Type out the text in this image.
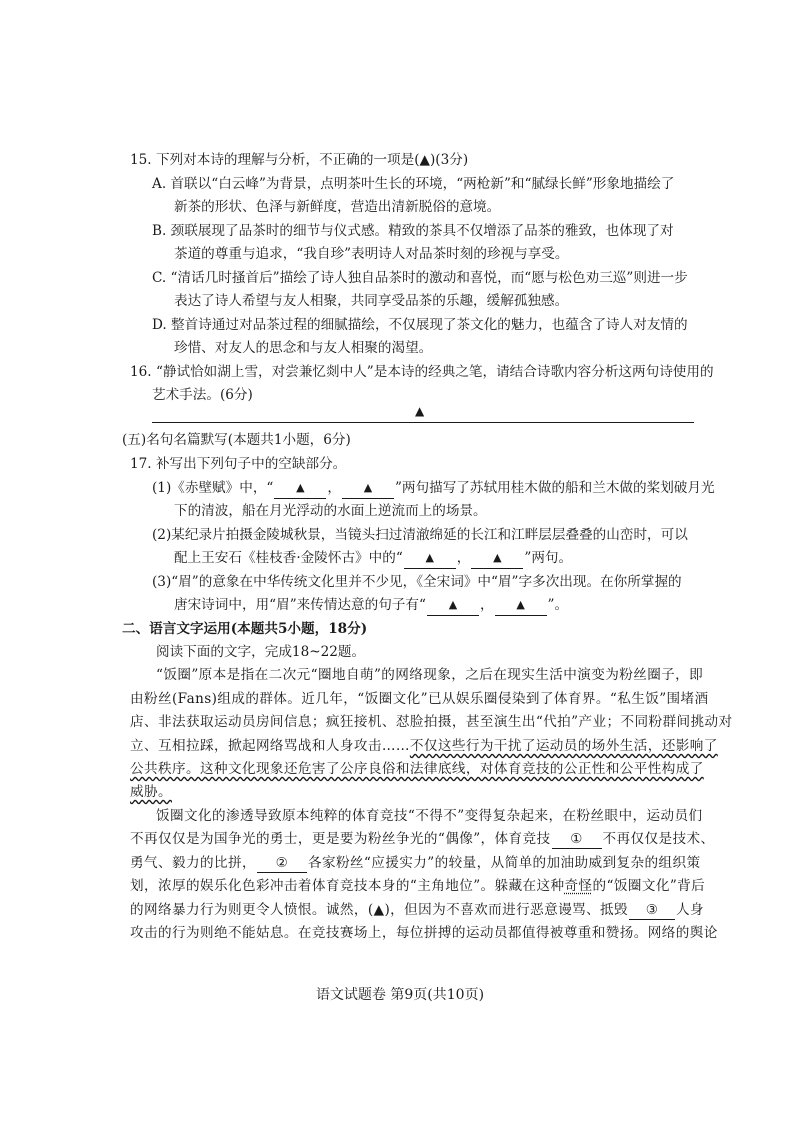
15. 下列对本诗的理解与分析，不正确的一项是(▲)(3分)
A. 首联以“白云峰”为背景，点明茶叶生长的环境，“两枪新”和“腻绿长鲜”形象地描绘了
新茶的形状、色泽与新鲜度，营造出清新脱俗的意境。
B. 颈联展现了品茶时的细节与仪式感。精致的茶具不仅增添了品茶的雅致，也体现了对
茶道的尊重与追求，“我自珍”表明诗人对品茶时刻的珍视与享受。
C. “清话几时搔首后”描绘了诗人独自品茶时的激动和喜悦，而“愿与松色劝三巡”则进一步
表达了诗人希望与友人相聚，共同享受品茶的乐趣，缓解孤独感。
D. 整首诗通过对品茶过程的细腻描绘，不仅展现了茶文化的魅力，也蕴含了诗人对友情的
珍惜、对友人的思念和与友人相聚的渴望。
16. “静试恰如湖上雪，对尝兼忆剡中人”是本诗的经典之笔，请结合诗歌内容分析这两句诗使用的
艺术手法。(6分)
▲
(五)名句名篇默写(本题共1小题，6分)
17. 补写出下列句子中的空缺部分。
(1)《赤壁赋》中，“ ▲ ， ▲ ”两句描写了苏轼用桂木做的船和兰木做的桨划破月光
下的清波，船在月光浮动的水面上逆流而上的场景。
(2)某纪录片拍摄金陵城秋景，当镜头扫过清澈绵延的长江和江畔层层叠叠的山峦时，可以
配上王安石《桂枝香·金陵怀古》中的“ ▲ ， ▲ ”两句。
(3)“眉”的意象在中华传统文化里并不少见，《全宋词》中“眉”字多次出现。在你所掌握的
唐宋诗词中，用“眉”来传情达意的句子有“ ▲ ， ▲ ”。
二、语言文字运用(本题共5小题，18分)
阅读下面的文字，完成18~22题。
“饭圈”原本是指在二次元“圈地自萌”的网络现象，之后在现实生活中演变为粉丝圈子，即
由粉丝(Fans)组成的群体。近几年，“饭圈文化”已从娱乐圈侵染到了体育界。“私生饭”围堵酒
店、非法获取运动员房间信息；疯狂接机、怼脸拍摄，甚至演生出“代拍”产业；不同粉群间挑动对
立、互相拉踩，掀起网络骂战和人身攻击……不仅这些行为干扰了运动员的场外生活，还影响了
公共秩序。这种文化现象还危害了公序良俗和法律底线，对体育竞技的公正性和公平性构成了
威胁。
饭圈文化的渗透导致原本纯粹的体育竞技“不得不”变得复杂起来，在粉丝眼中，运动员们
不再仅仅是为国争光的勇士，更是要为粉丝争光的“偶像”，体育竞技 ① 不再仅仅是技术、
勇气、毅力的比拼， ② 各家粉丝“应援实力”的较量，从简单的加油助威到复杂的组织策
划，浓厚的娱乐化色彩冲击着体育竞技本身的“主角地位”。躲藏在这种奇怪的“饭圈文化”背后
的网络暴力行为则更令人愤恨。诚然，(▲)，但因为不喜欢而进行恶意谩骂、抵毁 ③ 人身
攻击的行为则绝不能姑息。在竞技赛场上，每位拼搏的运动员都值得被尊重和赞扬。网络的舆论
语文试题卷 第9页(共10页)
